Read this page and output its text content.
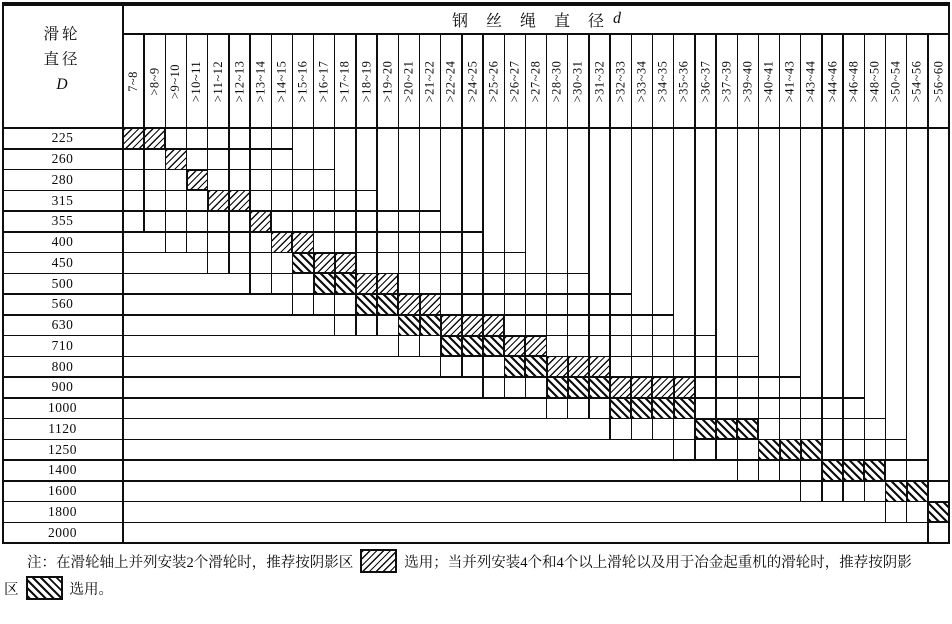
钢 丝 绳 直 径 d
滑轮
直径
D
225
260
280
315
355
400
450
500
560
630
710
800
900
1000
1120
1250
1400
1600
1800
2000
7~8 >8~9 >9~10 >10~11 >11~12 >12~13 >13~14 >14~15 >15~16 >16~17 >17~18 >18~19 >19~20 >20~21 >21~22 >22~24 >24~25 >25~26 >26~27 >27~28 >28~30 >30~31 >31~32 >32~33 >33~34 >34~35 >35~36 >36~37 >37~39 >39~40 >40~41 >41~43 >43~44 >44~46 >46~48 >48~50 >50~54 >54~56 >56~60
注：在滑轮轴上并列安装2个滑轮时，推荐按阴影区	选用；当并列安装4个和4个以上滑轮以及用于冶金起重机的滑轮时，推荐按阴影
区	选用。
